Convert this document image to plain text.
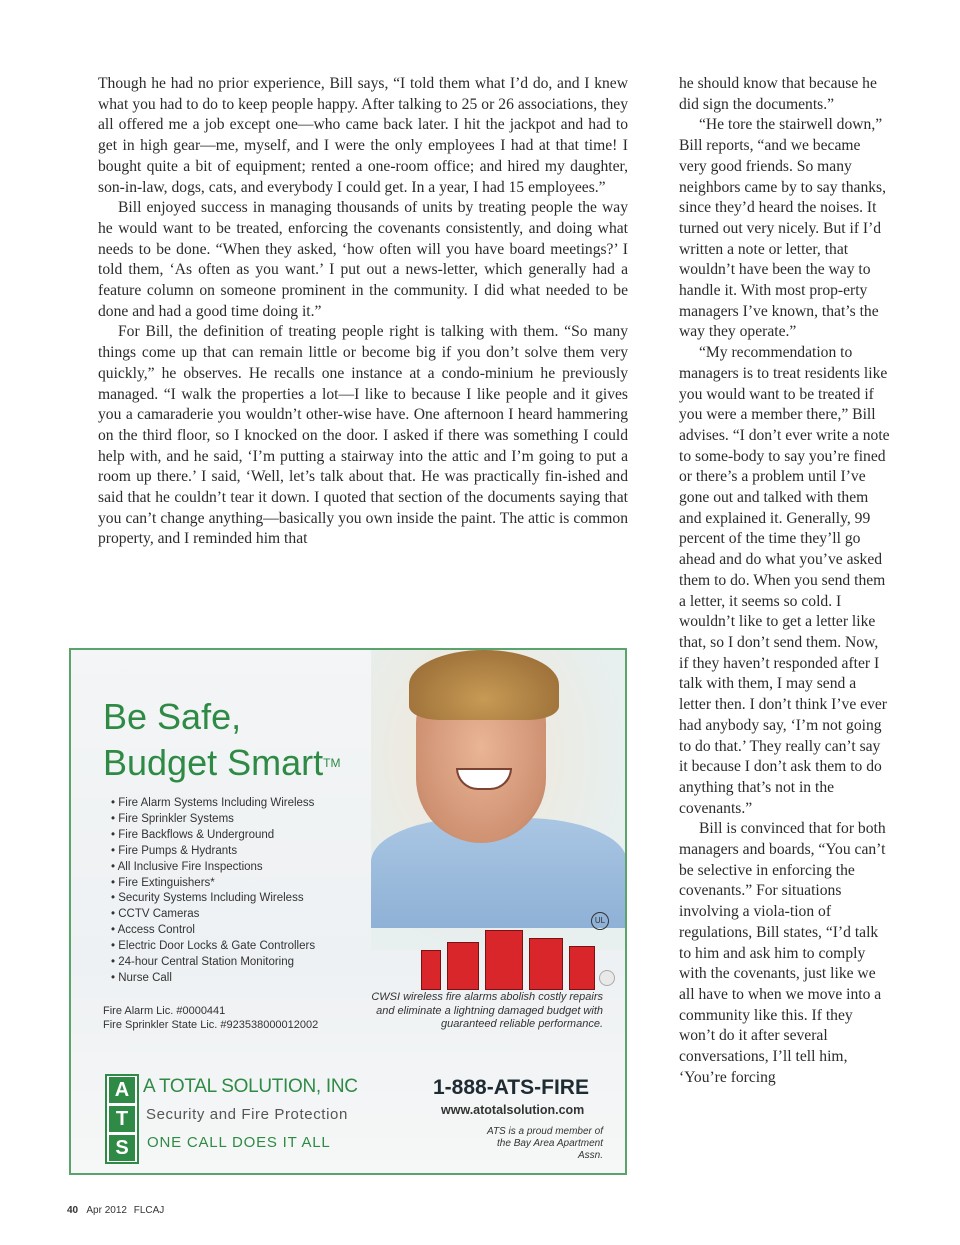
Though he had no prior experience, Bill says, “I told them what I’d do, and I knew what you had to do to keep people happy. After talking to 25 or 26 associations, they all offered me a job except one—who came back later. I hit the jackpot and had to get in high gear—me, myself, and I were the only employees I had at that time! I bought quite a bit of equipment; rented a one-room office; and hired my daughter, son-in-law, dogs, cats, and everybody I could get. In a year, I had 15 employees.”

Bill enjoyed success in managing thousands of units by treating people the way he would want to be treated, enforcing the covenants consistently, and doing what needs to be done. “When they asked, ‘how often will you have board meetings?’ I told them, ‘As often as you want.’ I put out a news-letter, which generally had a feature column on someone prominent in the community. I did what needed to be done and had a good time doing it.”

For Bill, the definition of treating people right is talking with them. “So many things come up that can remain little or become big if you don’t solve them very quickly,” he observes. He recalls one instance at a condo-minium he previously managed. “I walk the properties a lot—I like to because I like people and it gives you a camaraderie you wouldn’t other-wise have. One afternoon I heard hammering on the third floor, so I knocked on the door. I asked if there was something I could help with, and he said, ‘I’m putting a stairway into the attic and I’m going to put a room up there.’ I said, ‘Well, let’s talk about that. He was practically fin-ished and said that he couldn’t tear it down. I quoted that section of the documents saying that you can’t change anything—basically you own inside the paint. The attic is common property, and I reminded him that

he should know that because he did sign the documents.”

“He tore the stairwell down,” Bill reports, “and we became very good friends. So many neighbors came by to say thanks, since they’d heard the noises. It turned out very nicely. But if I’d written a note or letter, that wouldn’t have been the way to handle it. With most prop-erty managers I’ve known, that’s the way they operate.”

“My recommendation to managers is to treat residents like you would want to be treated if you were a member there,” Bill advises. “I don’t ever write a note to some-body to say you’re fined or there’s a problem until I’ve gone out and talked with them and explained it. Generally, 99 percent of the time they’ll go ahead and do what you’ve asked them to do. When you send them a letter, it seems so cold. I wouldn’t like to get a letter like that, so I don’t send them. Now, if they haven’t responded after I talk with them, I may send a letter then. I don’t think I’ve ever had anybody say, ‘I’m not going to do that.’ They really can’t say it because I don’t ask them to do anything that’s not in the covenants.”

Bill is convinced that for both managers and boards, “You can’t be selective in enforcing the covenants.” For situations involving a viola-tion of regulations, Bill states, “I’d talk to him and ask him to comply with the covenants, just like we all have to when we move into a community like this. If they won’t do it after several conversations, I’ll tell him, ‘You’re forcing

Be Safe,
Budget Smart™
• Fire Alarm Systems Including Wireless
• Fire Sprinkler Systems
• Fire Backflows & Underground
• Fire Pumps & Hydrants
• All Inclusive Fire Inspections
• Fire Extinguishers*
• Security Systems Including Wireless
• CCTV Cameras
• Access Control
• Electric Door Locks & Gate Controllers
• 24-hour Central Station Monitoring
• Nurse Call
UL
Fire Alarm Lic. #0000441
Fire Sprinkler State Lic. #923538000012002
CWSI wireless fire alarms abolish costly repairs and eliminate a lightning damaged budget with guaranteed reliable performance.
A
T
S
A TOTAL SOLUTION, INC
Security and Fire Protection
ONE CALL DOES IT ALL
1-888-ATS-FIRE
www.atotalsolution.com
ATS is a proud member of the Bay Area Apartment Assn.
40 Apr 2012 FLCAJ
